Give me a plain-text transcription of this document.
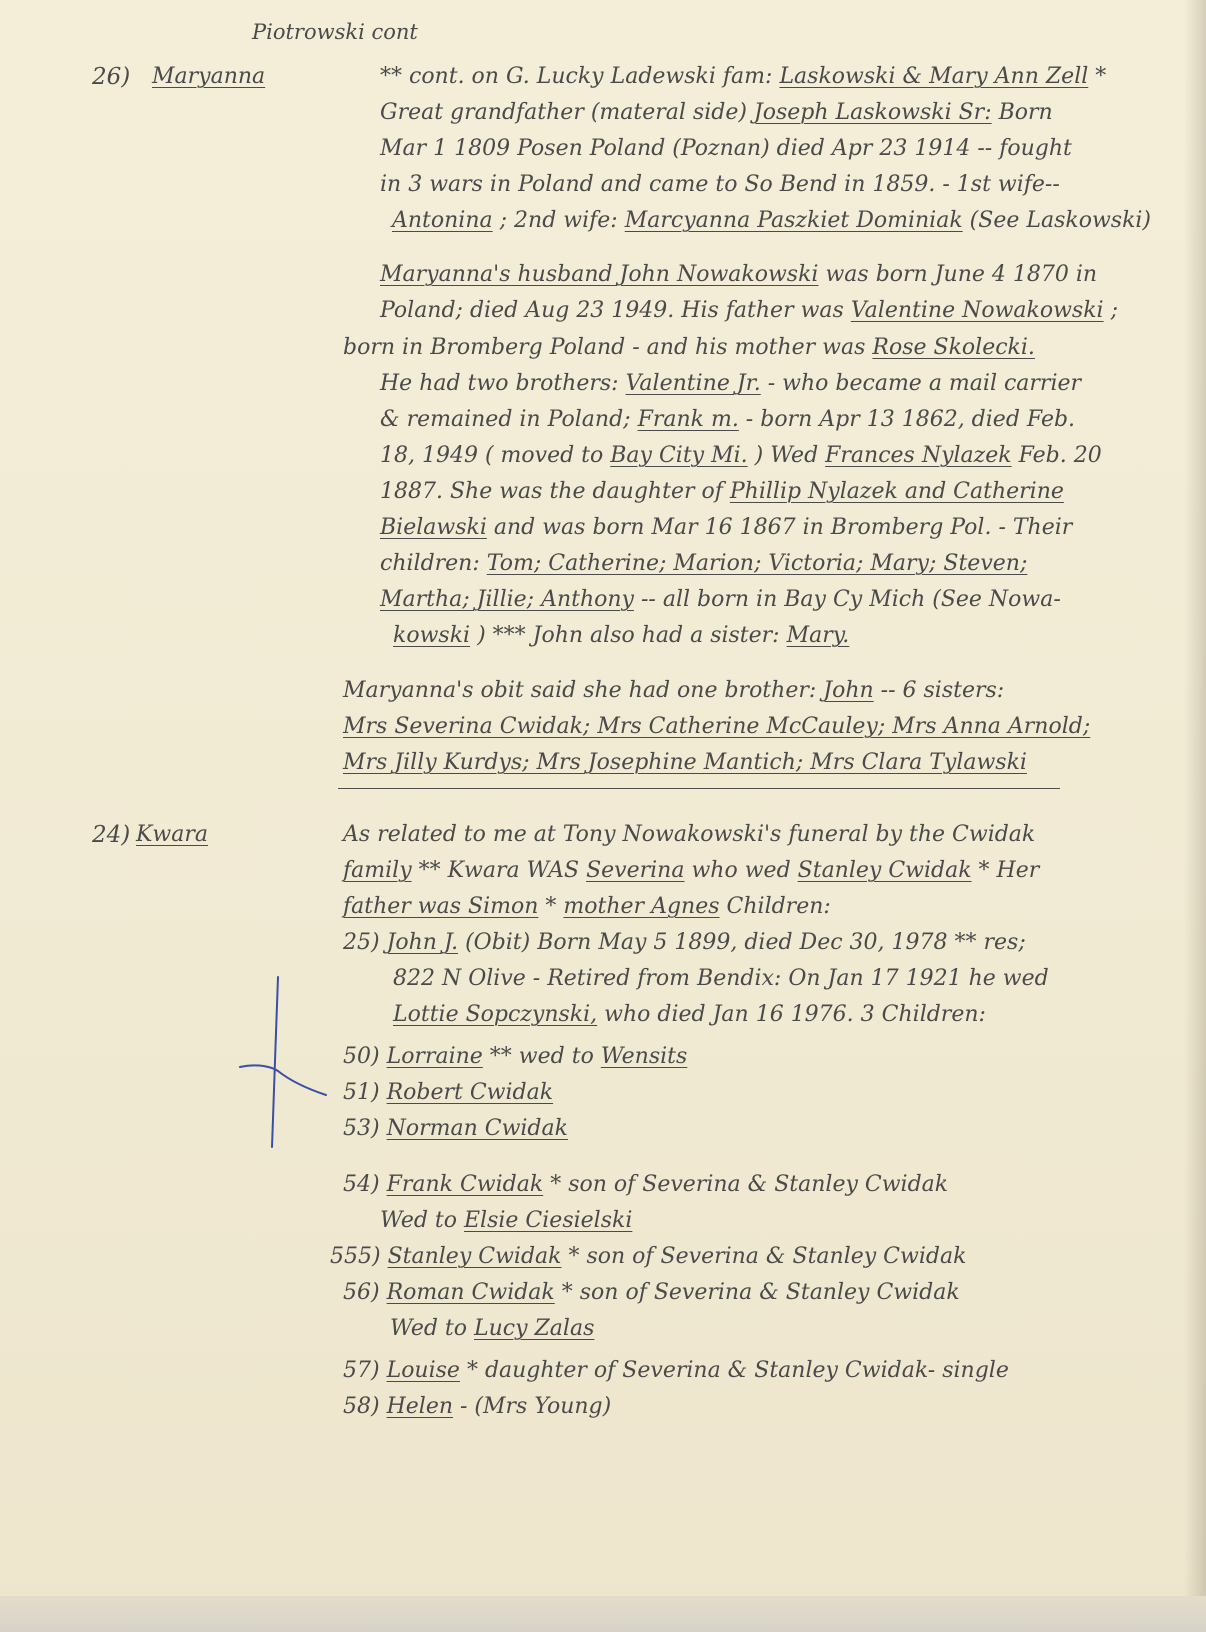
Piotrowski cont
26) Maryanna	** cont. on G. Lucky Ladewski fam: Laskowski & Mary Ann Zell *
Great grandfather (materal side) Joseph Laskowski Sr: Born
Mar 1 1809 Posen Poland (Poznan) died Apr 23 1914 -- fought
in 3 wars in Poland and came to So Bend in 1859. - 1st wife--
Antonina ; 2nd wife: Marcyanna Paszkiet Dominiak (See Laskowski)
Maryanna's husband John Nowakowski was born June 4 1870 in
Poland; died Aug 23 1949. His father was Valentine Nowakowski ;
born in Bromberg Poland - and his mother was Rose Skolecki.
He had two brothers: Valentine Jr. - who became a mail carrier
& remained in Poland; Frank m. - born Apr 13 1862, died Feb.
18, 1949 ( moved to Bay City Mi. ) Wed Frances Nylazek Feb. 20
1887. She was the daughter of Phillip Nylazek and Catherine
Bielawski and was born Mar 16 1867 in Bromberg Pol. - Their
children: Tom; Catherine; Marion; Victoria; Mary; Steven;
Martha; Jillie; Anthony -- all born in Bay Cy Mich (See Nowa-
kowski ) *** John also had a sister: Mary.
Maryanna's obit said she had one brother: John -- 6 sisters:
Mrs Severina Cwidak; Mrs Catherine McCauley; Mrs Anna Arnold;
Mrs Jilly Kurdys; Mrs Josephine Mantich; Mrs Clara Tylawski
24) Kwara	As related to me at Tony Nowakowski's funeral by the Cwidak
family ** Kwara WAS Severina who wed Stanley Cwidak * Her
father was Simon * mother Agnes Children:
25) John J. (Obit) Born May 5 1899, died Dec 30, 1978 ** res;
822 N Olive - Retired from Bendix: On Jan 17 1921 he wed
Lottie Sopczynski, who died Jan 16 1976. 3 Children:
50) Lorraine ** wed to Wensits
51) Robert Cwidak
53) Norman Cwidak
54) Frank Cwidak * son of Severina & Stanley Cwidak
Wed to Elsie Ciesielski
555) Stanley Cwidak * son of Severina & Stanley Cwidak
56) Roman Cwidak * son of Severina & Stanley Cwidak
Wed to Lucy Zalas
57) Louise * daughter of Severina & Stanley Cwidak- single
58) Helen - (Mrs Young)
